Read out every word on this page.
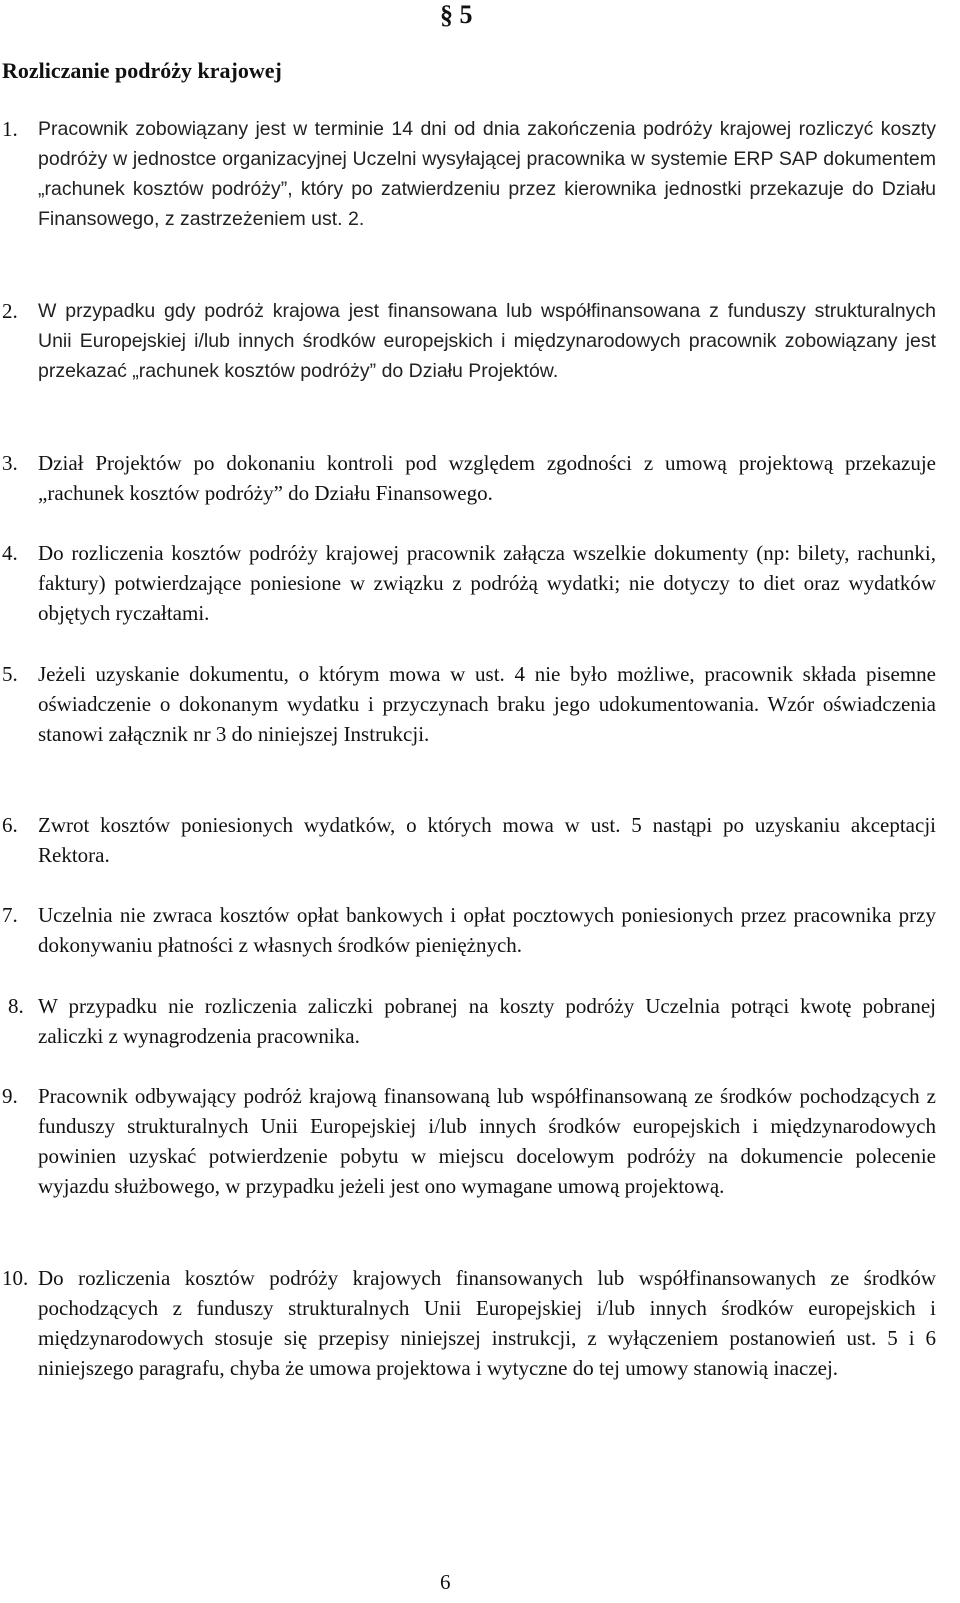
§ 5
Rozliczanie podróży krajowej
1. Pracownik zobowiązany jest w terminie 14 dni od dnia zakończenia podróży krajowej rozliczyć koszty podróży w jednostce organizacyjnej Uczelni wysyłającej pracownika w systemie ERP SAP dokumentem „rachunek kosztów podróży”, który po zatwierdzeniu przez kierownika jednostki przekazuje do Działu Finansowego, z zastrzeżeniem ust. 2.
2. W przypadku gdy podróż krajowa jest finansowana lub współfinansowana z funduszy strukturalnych Unii Europejskiej i/lub innych środków europejskich i międzynarodowych pracownik zobowiązany jest przekazać „rachunek kosztów podróży” do Działu Projektów.
3. Dział Projektów po dokonaniu kontroli pod względem zgodności z umową projektową przekazuje „rachunek kosztów podróży” do Działu Finansowego.
4. Do rozliczenia kosztów podróży krajowej pracownik załącza wszelkie dokumenty (np: bilety, rachunki, faktury) potwierdzające poniesione w związku z podróżą wydatki; nie dotyczy to diet oraz wydatków objętych ryczałtami.
5. Jeżeli uzyskanie dokumentu, o którym mowa w ust. 4 nie było możliwe, pracownik składa pisemne oświadczenie o dokonanym wydatku i przyczynach braku jego udokumentowania. Wzór oświadczenia stanowi załącznik nr 3 do niniejszej Instrukcji.
6. Zwrot kosztów poniesionych wydatków, o których mowa w ust. 5 nastąpi po uzyskaniu akceptacji Rektora.
7. Uczelnia nie zwraca kosztów opłat bankowych i opłat pocztowych poniesionych przez pracownika przy dokonywaniu płatności z własnych środków pieniężnych.
8. W przypadku nie rozliczenia zaliczki pobranej na koszty podróży Uczelnia potrąci kwotę pobranej zaliczki z wynagrodzenia pracownika.
9. Pracownik odbywający podróż krajową finansowaną lub współfinansowaną ze środków pochodzących z funduszy strukturalnych Unii Europejskiej i/lub innych środków europejskich i międzynarodowych powinien uzyskać potwierdzenie pobytu w miejscu docelowym podróży na dokumencie polecenie wyjazdu służbowego, w przypadku jeżeli jest ono wymagane umową projektową.
10. Do rozliczenia kosztów podróży krajowych finansowanych lub współfinansowanych ze środków pochodzących z funduszy strukturalnych Unii Europejskiej i/lub innych środków europejskich i międzynarodowych stosuje się przepisy niniejszej instrukcji, z wyłączeniem postanowień ust. 5 i 6 niniejszego paragrafu, chyba że umowa projektowa i wytyczne do tej umowy stanowią inaczej.
6
